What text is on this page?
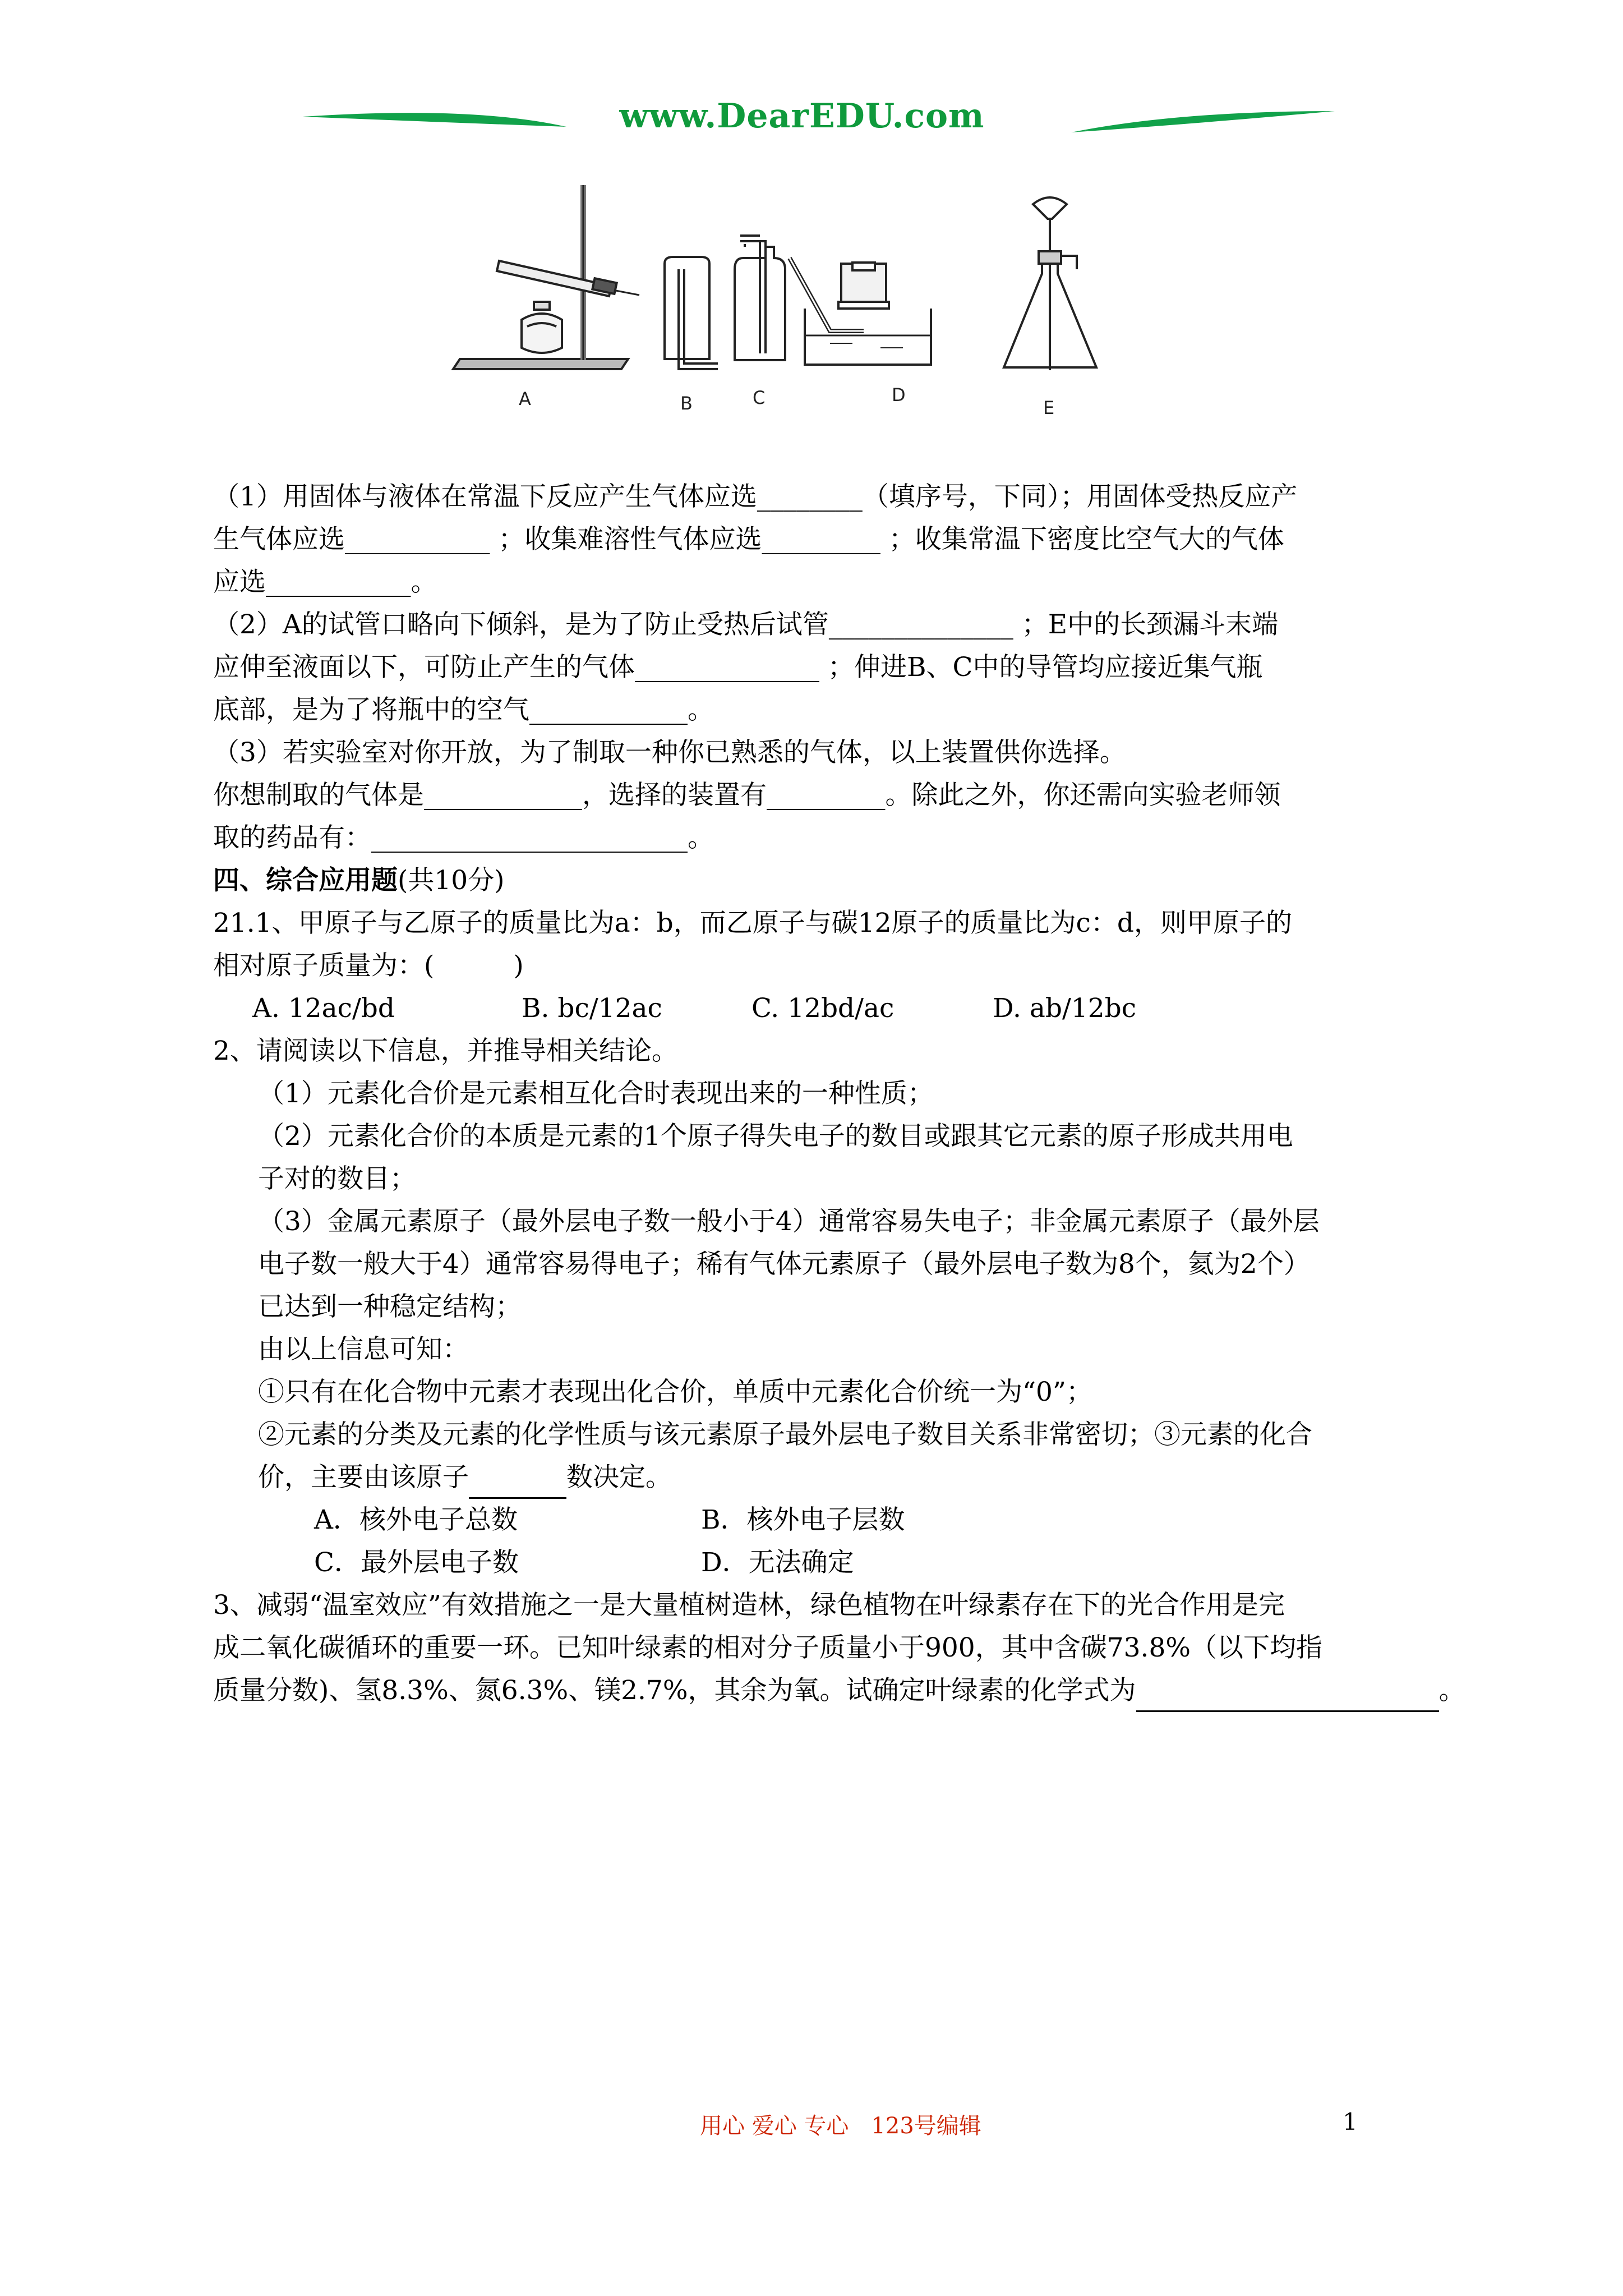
www.DearEDU.com
A	B	C	D
E

（1）用固体与液体在常温下反应产生气体应选________（填序号，下同）；用固体受热反应产

生气体应选___________ ；收集难溶性气体应选_________ ；收集常温下密度比空气大的气体

应选___________。

（2）A的试管口略向下倾斜，是为了防止受热后试管______________ ；E中的长颈漏斗末端

应伸至液面以下，可防止产生的气体______________ ；伸进B、C中的导管均应接近集气瓶

底部，是为了将瓶中的空气____________。

（3）若实验室对你开放，为了制取一种你已熟悉的气体，以上装置供你选择。

你想制取的气体是____________，选择的装置有_________。除此之外，你还需向实验老师领

取的药品有：________________________。

四、综合应用题(共10分)

21.1、甲原子与乙原子的质量比为a：b，而乙原子与碳12原子的质量比为c：d，则甲原子的

相对原子质量为：(　　　)

A. 12ac/bd	B. bc/12ac	C. 12bd/ac	D. ab/12bc

2、请阅读以下信息，并推导相关结论。

（1）元素化合价是元素相互化合时表现出来的一种性质；

（2）元素化合价的本质是元素的1个原子得失电子的数目或跟其它元素的原子形成共用电

子对的数目；

（3）金属元素原子（最外层电子数一般小于4）通常容易失电子；非金属元素原子（最外层

电子数一般大于4）通常容易得电子；稀有气体元素原子（最外层电子数为8个，氦为2个）

已达到一种稳定结构；

由以上信息可知：

①只有在化合物中元素才表现出化合价，单质中元素化合价统一为“0”；

②元素的分类及元素的化学性质与该元素原子最外层电子数目关系非常密切；③元素的化合

价，主要由该原子	数决定。

A．核外电子总数	B．核外电子层数
C．最外层电子数	D．无法确定

3、减弱“温室效应”有效措施之一是大量植树造林，绿色植物在叶绿素存在下的光合作用是完

成二氧化碳循环的重要一环。已知叶绿素的相对分子质量小于900，其中含碳73.8%（以下均指

质量分数)、氢8.3%、氮6.3%、镁2.7%，其余为氧。试确定叶绿素的化学式为	。

用心 爱心 专心　123号编辑	1
